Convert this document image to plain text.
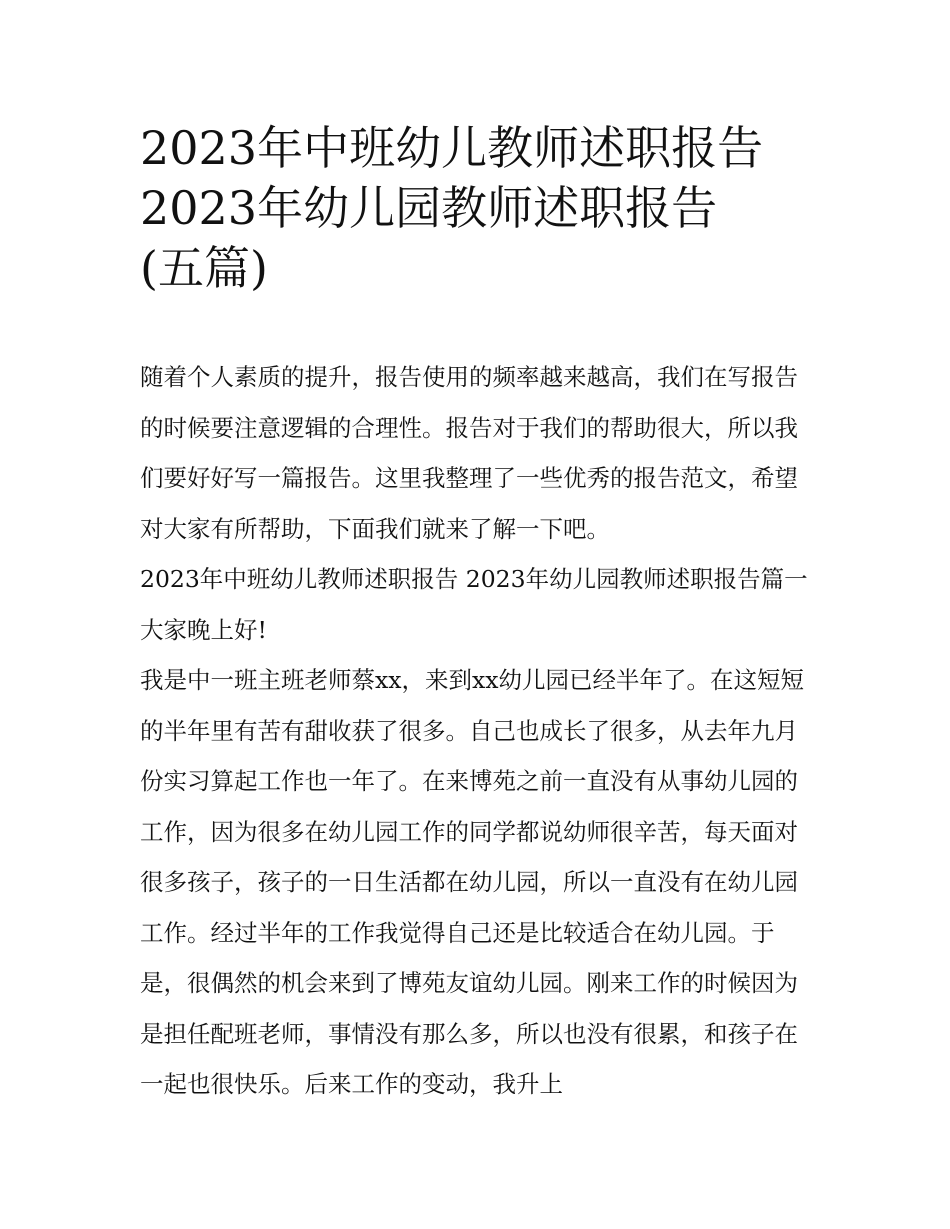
2023年中班幼儿教师述职报告
2023年幼儿园教师述职报告
(五篇)

随着个人素质的提升，报告使用的频率越来越高，我们在写报告的时候要注意逻辑的合理性。报告对于我们的帮助很大，所以我们要好好写一篇报告。这里我整理了一些优秀的报告范文，希望对大家有所帮助，下面我们就来了解一下吧。

2023年中班幼儿教师述职报告 2023年幼儿园教师述职报告篇一 大家晚上好!

我是中一班主班老师蔡xx，来到xx幼儿园已经半年了。在这短短的半年里有苦有甜收获了很多。自己也成长了很多，从去年九月份实习算起工作也一年了。在来博苑之前一直没有从事幼儿园的工作，因为很多在幼儿园工作的同学都说幼师很辛苦，每天面对很多孩子，孩子的一日生活都在幼儿园，所以一直没有在幼儿园工作。经过半年的工作我觉得自己还是比较适合在幼儿园。于是，很偶然的机会来到了博苑友谊幼儿园。刚来工作的时候因为是担任配班老师，事情没有那么多，所以也没有很累，和孩子在一起也很快乐。后来工作的变动，我升上
